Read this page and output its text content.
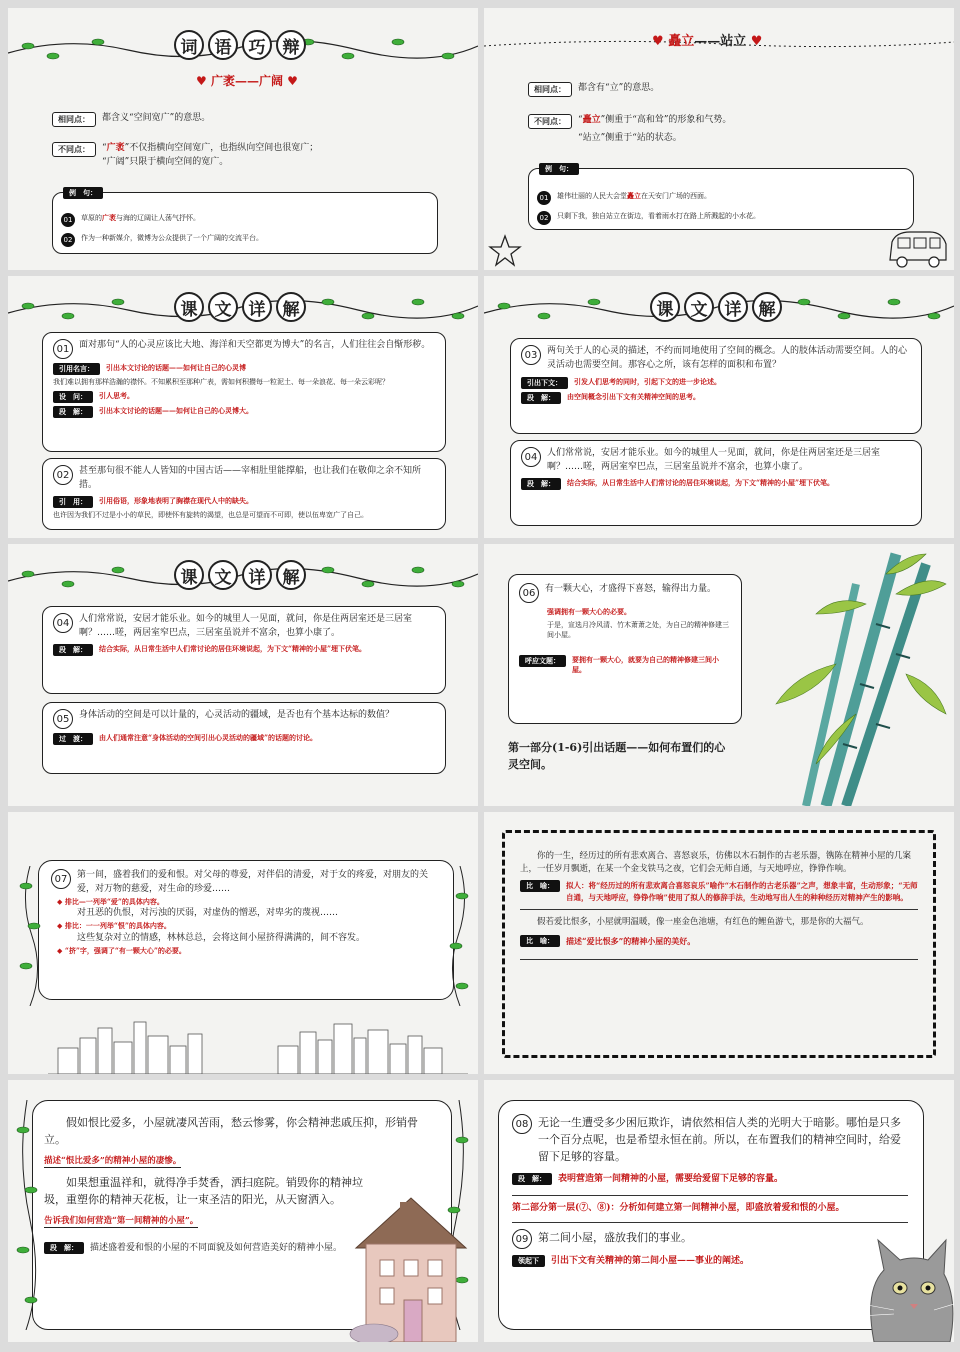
词	语	巧	辩
♥ 广袤——广阔 ♥
相同点：	都含义“空间宽广”的意思。
不同点：	“广袤”不仅指横向空间宽广，也指纵向空间也很宽广；
“广阔”只限于横向空间的宽广。
例　句：
01	草原的广袤与海的辽阔让人荡气抒怀。
02	作为一种新媒介，微博为公众提供了一个广阔的交流平台。
♥ 矗立——站立 ♥
相同点：	都含有“立”的意思。
不同点：	“矗立”侧重于“高和耸”的形象和气势。
“站立”侧重于“站的状态。
例　句：
01	雄伟壮丽的人民大会堂矗立在天安门广场的西面。
02	只剩下我，独自站立在街边，看着雨水打在路上所溅起的小水花。
课	文	详	解
01	面对那句“人的心灵应该比大地、海洋和天空都更为博大”的名言，人们往往会自惭形秽。
引用名言：	引出本文讨论的话题——如何让自己的心灵博
我们难以拥有那样浩瀚的襟怀。不知累积至那种广表，需如何积攒每一粒泥土、每一朵浪花、每一朵云彩呢？
设　问：	引人思考。
段　解：	引出本文讨论的话题——如何让自己的心灵博大。
02	甚至那句很不能人人皆知的中国古话——宰相肚里能撑船，也让我们在敬仰之余不知所措。
引　用：	引用俗语，形象地表明了胸襟在现代人中的缺失。
也许因为我们不过是小小的草民，即使怀有旋转的渴望，也总是可望而不可即，使以伍卑宽广了自己。
课	文	详	解
03	两句关于人的心灵的描述，不约而同地使用了空间的概念。人的肢体活动需要空间。人的心灵活动也需要空间。那容心之所，该有怎样的面积和布置？
引出下文：	引发人们思考的同时，引起下文的进一步论述。
段　解：	由空间概念引出下文有关精神空间的思考。
04	人们常常说，安居才能乐业。如今的城里人一见面，就问，你是住两居室还是三居室啊？……嗟，两居室窄巴点，三居室虽说并不富余，也算小康了。
段　解：	结合实际，从日常生活中人们常讨论的居住环境说起，为下文“精神的小屋”埋下伏笔。
课	文	详	解
04	人们常常说，安居才能乐业。如今的城里人一见面，就问，你是住两居室还是三居室啊？……嗟，两居室窄巴点，三居室虽说并不富余，也算小康了。
段　解：	结合实际，从日常生活中人们常讨论的居住环境说起，为下文“精神的小屋”埋下伏笔。
05	身体活动的空间是可以计量的，心灵活动的疆域，是否也有个基本达标的数值？
过　渡：	由人们通常注意“身体活动的空间引出心灵活动的疆域”的话题的讨论。
06	有一颗大心，才盛得下喜怒，输得出力量。
强调拥有一颗大心的必要。
于是，宣选月冷风清、竹木萧萧之处，为自己的精神修建三间小屋。
呼应文题：	要拥有一颗大心，就要为自己的精神修建三间小屋。
第一部分(1-6)引出话题——如何布置们的心灵空间。
07	第一间，盛着我们的爱和恨。对父母的尊爱，对伴侣的清爱，对于女的疼爱，对朋友的关爱，对万物的慈爱，对生命的珍爱……
◆ 排比—一列举“爱”的具体内容。
对丑恶的仇恨，对污浊的厌弱，对虚伪的憎恶，对卑劣的蔑视……
◆ 排比：一一列举“恨”的具体内容。
这些复杂对立的情感，林林总总，会将这间小屋挤得满满的，间不容发。
◆ “挤”字，强调了“有一颗大心”的必要。
你的一生，经历过的所有悲欢离合、喜怒哀乐，仿佛以木石制作的古老乐器，镌陈在精神小屋的几案上，一任岁月飘逝，在某一个金戈铁马之夜，它们会无师自通，与天地呼应，铮铮作响。
比　喻：	拟人：将“经历过的所有悲欢离合喜怒哀乐”喻作“木石制作的古老乐器”之声，想象丰富，生动形象；“无师自通，与天地呼应，铮铮作响”使用了拟人的修辞手法，生动地写出人生的种种经历对精神产生的影响。
假若爱比恨多，小屋就明温暖，像一座金色池塘，有红色的鲤鱼游弋，那是你的大福气。
比　喻：	描述“爱比恨多”的精神小屋的美好。
假如恨比爱多，小屋就凄风苦雨，愁云惨雾，你会精神悲戚压抑，形销骨立。
描述“恨比爱多”的精神小屋的凄惨。
如果想重温祥和，就得净手焚香，洒扫庭院。销毁你的精神垃圾，重塑你的精神天花板，让一束圣洁的阳光，从天窗洒入。
告诉我们如何营造“第一间精神的小屋”。
段　解：	描述盛着爱和恨的小屋的不同面貌及如何营造美好的精神小屋。
08 无论一生遭受多少困厄欺诈，请依然相信人类的光明大于暗影。哪怕是只多一个百分点呢，也是希望永恒在前。所以，在布置我们的精神空间时，给爱留下足够的容量。
段　解：	表明营造第一间精神的小屋，需要给爱留下足够的容量。
第二部分第一层(⑦、⑧)：分析如何建立第一间精神小屋，即盛放着爱和恨的小屋。
09 第二间小屋，盛放我们的事业。
领起下	引出下文有关精神的第二间小屋——事业的阐述。
